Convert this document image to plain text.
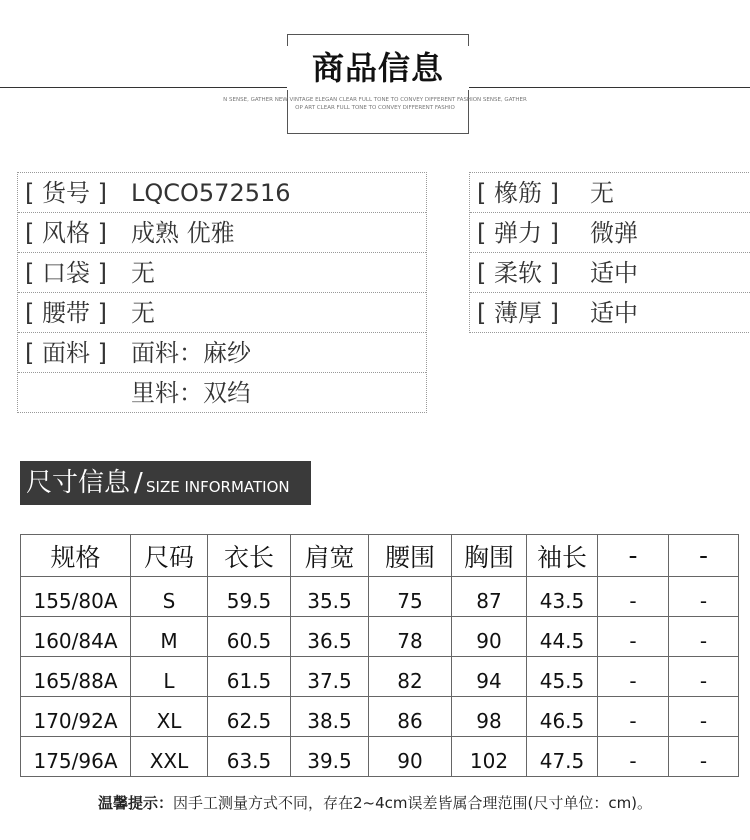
商品信息
N SENSE, GATHER NEW VINTAGE ELEGAN CLEAR FULL TONE TO CONVEY DIFFERENT FASHION SENSE, GATHER
OP ART CLEAR FULL TONE TO CONVEY DIFFERENT FASHIO
[ 货号 ] LQCO572516
[ 风格 ] 成熟 优雅
[ 口袋 ] 无
[ 腰带 ] 无
[ 面料 ] 面料：麻纱
里料：双绉
[ 橡筋 ] 无
[ 弹力 ] 微弹
[ 柔软 ] 适中
[ 薄厚 ] 适中
尺寸信息 / SIZE INFORMATION
规格	尺码	衣长	肩宽	腰围	胸围	袖长	-	-
155/80A	S	59.5	35.5	75	87	43.5	-	-
160/84A	M	60.5	36.5	78	90	44.5	-	-
165/88A	L	61.5	37.5	82	94	45.5	-	-
170/92A	XL	62.5	38.5	86	98	46.5	-	-
175/96A	XXL	63.5	39.5	90	102	47.5	-	-
温馨提示：因手工测量方式不同，存在2~4cm误差皆属合理范围(尺寸单位：cm)。
